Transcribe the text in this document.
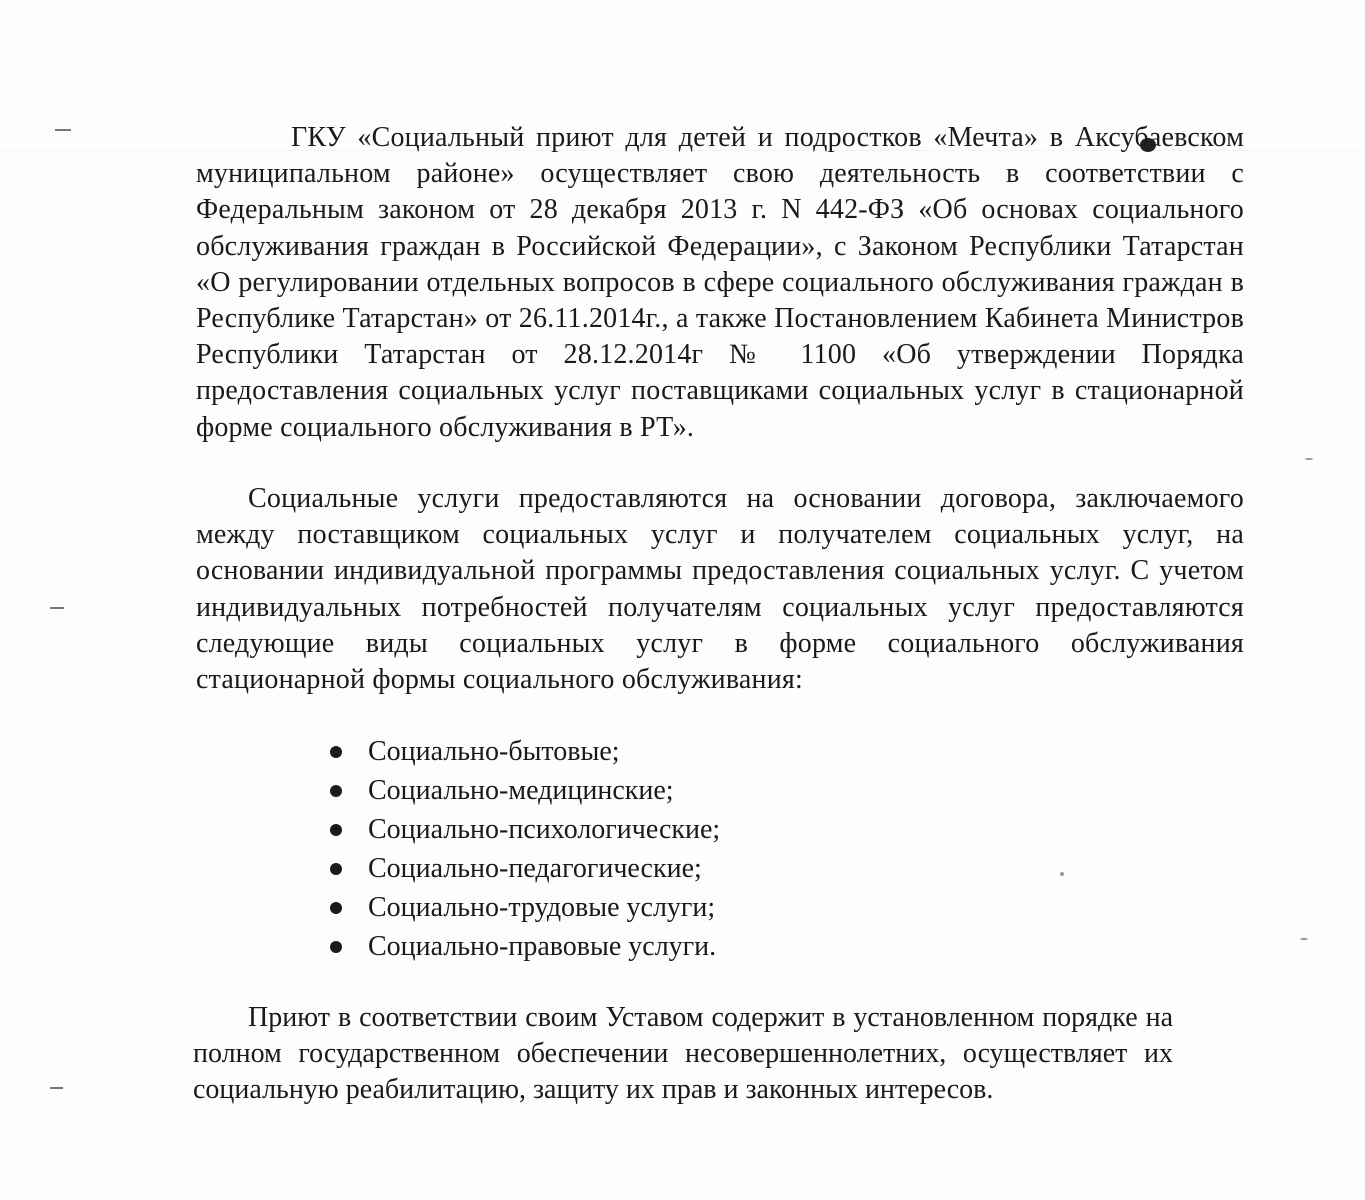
ГКУ «Социальный приют для детей и подростков «Мечта» в Аксубаевском муниципальном районе» осуществляет свою деятельность в соответствии с Федеральным законом от 28 декабря 2013 г. N 442-ФЗ «Об основах социального обслуживания граждан в Российской Федерации», с Законом Республики Татарстан «О регулировании отдельных вопросов в сфере социального обслуживания граждан в Республике Татарстан» от 26.11.2014г., а также Постановлением Кабинета Министров Республики Татарстан от 28.12.2014г № 1100 «Об утверждении Порядка предоставления социальных услуг поставщиками социальных услуг в стационарной форме социального обслуживания в РТ».

Социальные услуги предоставляются на основании договора, заключаемого между поставщиком социальных услуг и получателем социальных услуг, на основании индивидуальной программы предоставления социальных услуг. С учетом индивидуальных потребностей получателям социальных услуг предоставляются следующие виды социальных услуг в форме социального обслуживания стационарной формы социального обслуживания:

Социально-бытовые;
Социально-медицинские;
Социально-психологические;
Социально-педагогические;
Социально-трудовые услуги;
Социально-правовые услуги.

Приют в соответствии своим Уставом содержит в установленном порядке на полном государственном обеспечении несовершеннолетних, осуществляет их социальную реабилитацию, защиту их прав и законных интересов.
